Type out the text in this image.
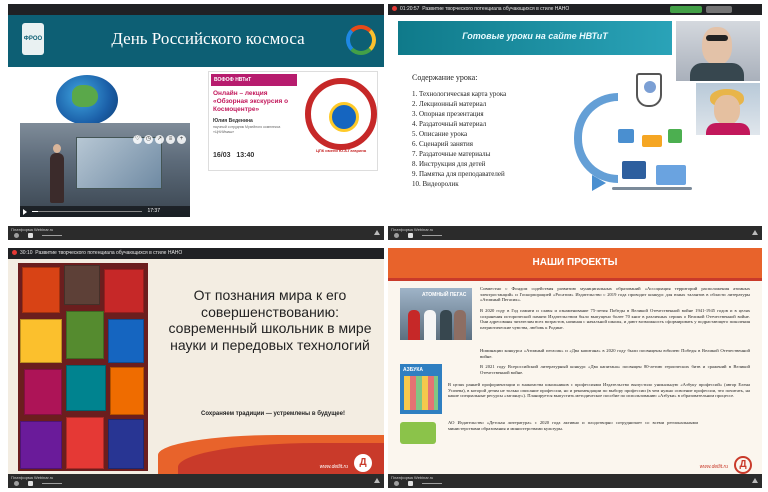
ФРОО	День Российского космоса
♡ ◷ ↗ ≡ +
17:37
ВОФОФ НВТиТ
Онлайн – лекция «Обзорная экскурсия о Космоцентре»
Юлия Веденина
научный сотрудник Музейного комплекса «ЦНИИмаш»
16/03 13:40
ЦПК имени Ю.А.Гагарина
Платформа Webinar.ru
01:20:57 Развитие творческого потенциала обучающихся в стиле НАНО
Готовые уроки на сайте НВТиТ
Содержание урока:
1. Технологическая карта урока
2. Лекционный материал
3. Опорная презентация
4. Раздаточный материал
5. Описание урока
6. Сценарий занятия
7. Раздаточные материалы
8. Инструкция для детей
9. Памятка для преподавателей
10. Видеоролик
Платформа Webinar.ru
30:10 Развитие творческого потенциала обучающихся в стиле НАНО
От познания мира к его совершенствованию: современный школьник в мире науки и передовых технологий
Сохраняем традиции — устремлены в будущее!
www.detlit.ru	Д
Платформа Webinar.ru
НАШИ ПРОЕКТЫ
АТОМНЫЙ ПЕГАС
АЗБУКА
Совместно с Фондом содействия развитию муниципальных образований «Ассоциация территорий расположения атомных электростанций» и Госкорпорацией «Росатом» Издательство с 2019 года проводит конкурс для юных талантов в области литературы «Атомный Пегасик».
В 2020 году в Год памяти и славы и ознаменование 75-летия Победы в Великой Отечественной войне 1941-1945 годов и в целях сохранения исторической памяти Издательством было выпущено более 70 книг в различных сериях о Великой Отечественной войне. Они адресованы читателям всех возрастов, начиная с начальной школы, и дают возможность сформировать у подрастающего поколения патриотические чувства, любовь к Родине.
Номинации конкурса «Атомный пегасик» и «Два капитана» в 2020 году были посвящены юбилею Победы в Великой Отечественной войне.
В 2021 году Всероссийский литературный конкурс «Два капитана» посвящен 80-летию героических битв и сражений в Великой Отечественной войне.
В целях ранней профориентации и знакомства школьников с профессиями Издательство выпустило уникальную «Азбуку профессий» (автор Елена Усачева), в которой детям не только описание профессии, но и рекомендации по выбору профессии (в чем нужно освоение профессии, что почитать, на какие специальные ресурсы «загляну»). Планируется выпустить методическое пособие по использованию «Азбуки» в образовательном процессе.
АО Издательство «Детская литература» с 2020 года активно и плодотворно сотрудничает со всеми региональными министерствами образования и министерствами культуры.
www.detlit.ru	Д
Платформа Webinar.ru
